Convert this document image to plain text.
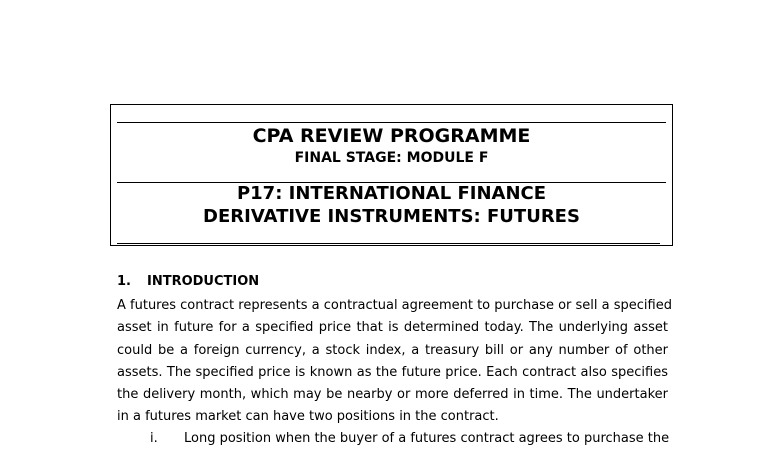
CPA REVIEW PROGRAMME
FINAL STAGE: MODULE F
P17: INTERNATIONAL FINANCE
DERIVATIVE INSTRUMENTS: FUTURES
1. INTRODUCTION
A futures contract represents a contractual agreement to purchase or sell a specified
asset in future for a specified price that is determined today. The underlying asset
could be a foreign currency, a stock index, a treasury bill or any number of other
assets. The specified price is known as the future price. Each contract also specifies
the delivery month, which may be nearby or more deferred in time. The undertaker
in a futures market can have two positions in the contract.
i. Long position when the buyer of a futures contract agrees to purchase the
